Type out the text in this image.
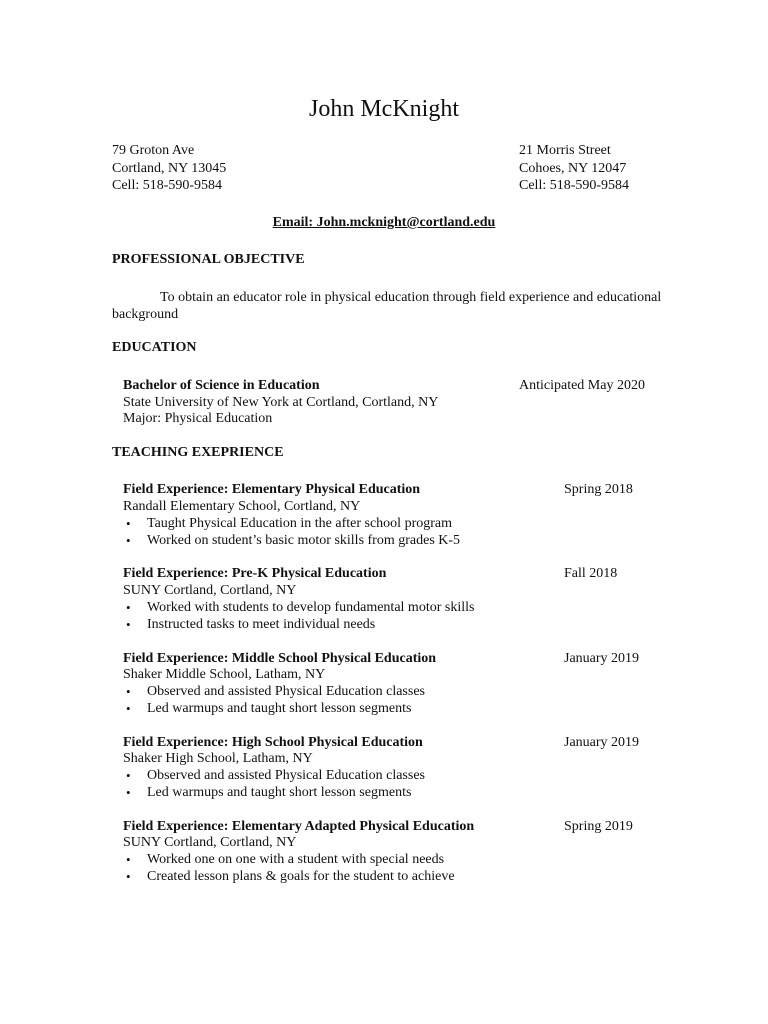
John McKnight
79 Groton Ave
Cortland, NY 13045
Cell: 518-590-9584
21 Morris Street
Cohoes, NY 12047
Cell: 518-590-9584
Email: John.mcknight@cortland.edu
PROFESSIONAL OBJECTIVE
To obtain an educator role in physical education through field experience and educational
background
EDUCATION
Bachelor of Science in Education	Anticipated May 2020
State University of New York at Cortland, Cortland, NY
Major: Physical Education
TEACHING EXEPRIENCE
Field Experience: Elementary Physical Education	Spring 2018
Randall Elementary School, Cortland, NY
• Taught Physical Education in the after school program
• Worked on student’s basic motor skills from grades K-5
Field Experience: Pre-K Physical Education	Fall 2018
SUNY Cortland, Cortland, NY
• Worked with students to develop fundamental motor skills
• Instructed tasks to meet individual needs
Field Experience: Middle School Physical Education	January 2019
Shaker Middle School, Latham, NY
• Observed and assisted Physical Education classes
• Led warmups and taught short lesson segments
Field Experience: High School Physical Education	January 2019
Shaker High School, Latham, NY
• Observed and assisted Physical Education classes
• Led warmups and taught short lesson segments
Field Experience: Elementary Adapted Physical Education	Spring 2019
SUNY Cortland, Cortland, NY
• Worked one on one with a student with special needs
• Created lesson plans & goals for the student to achieve
